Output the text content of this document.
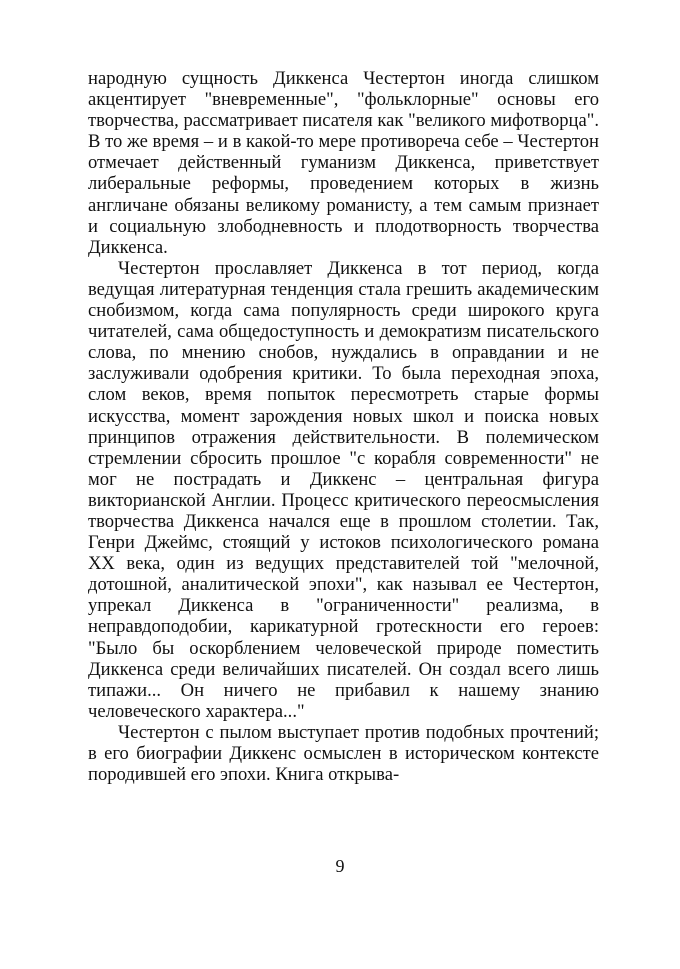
народную сущность Диккенса Честертон иногда слишком акцентирует "вневременные", "фольклорные" основы его творчества, рассматривает писателя как "великого мифотворца". В то же время – и в какой-то мере противореча себе – Честертон отмечает действенный гуманизм Диккенса, приветствует либеральные реформы, проведением которых в жизнь англичане обязаны великому романисту, а тем самым признает и социальную злободневность и плодотворность творчества Диккенса.

Честертон прославляет Диккенса в тот период, когда ведущая литературная тенденция стала грешить академическим снобизмом, когда сама популярность среди широкого круга читателей, сама общедоступность и демократизм писательского слова, по мнению снобов, нуждались в оправдании и не заслуживали одобрения критики. То была переходная эпоха, слом веков, время попыток пересмотреть старые формы искусства, момент зарождения новых школ и поиска новых принципов отражения действительности. В полемическом стремлении сбросить прошлое "с корабля современности" не мог не пострадать и Диккенс – центральная фигура викторианской Англии. Процесс критического переосмысления творчества Диккенса начался еще в прошлом столетии. Так, Генри Джеймс, стоящий у истоков психологического романа XX века, один из ведущих представителей той "мелочной, дотошной, аналитической эпохи", как называл ее Честертон, упрекал Диккенса в "ограниченности" реализма, в неправдоподобии, карикатурной гротескности его героев: "Было бы оскорблением человеческой природе поместить Диккенса среди величайших писателей. Он создал всего лишь типажи... Он ничего не прибавил к нашему знанию человеческого характера..."

Честертон с пылом выступает против подобных прочтений; в его биографии Диккенс осмыслен в историческом контексте породившей его эпохи. Книга открыва-

9
